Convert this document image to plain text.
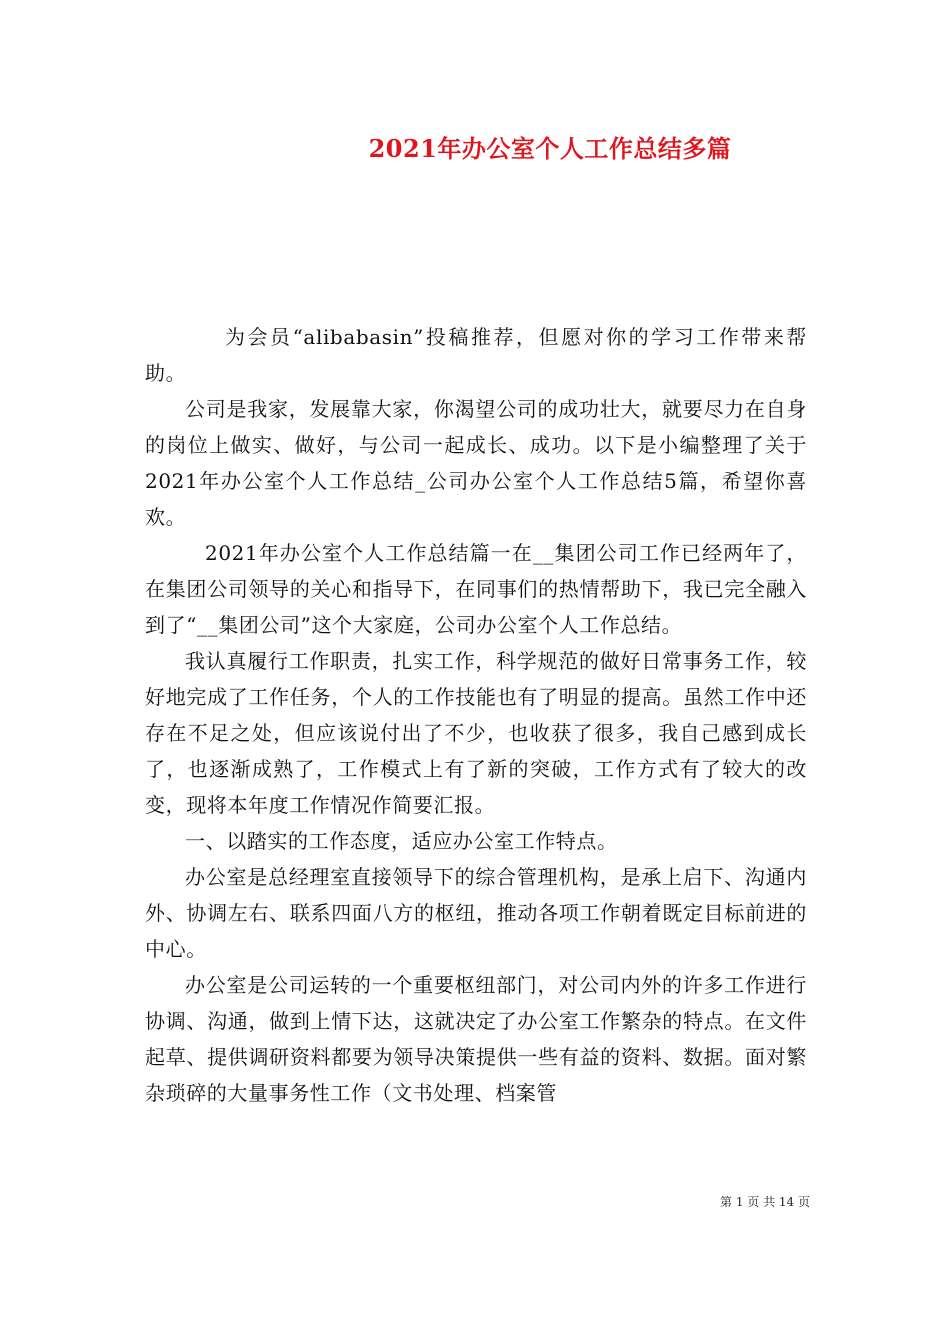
2021年办公室个人工作总结多篇

为会员“alibabasin”投稿推荐，但愿对你的学习工作带来帮助。

公司是我家，发展靠大家，你渴望公司的成功壮大，就要尽力在自身的岗位上做实、做好，与公司一起成长、成功。以下是小编整理了关于2021年办公室个人工作总结_公司办公室个人工作总结5篇，希望你喜欢。

2021年办公室个人工作总结篇一在__集团公司工作已经两年了，在集团公司领导的关心和指导下，在同事们的热情帮助下，我已完全融入到了“__集团公司”这个大家庭，公司办公室个人工作总结。

我认真履行工作职责，扎实工作，科学规范的做好日常事务工作，较好地完成了工作任务，个人的工作技能也有了明显的提高。虽然工作中还存在不足之处，但应该说付出了不少，也收获了很多，我自己感到成长了，也逐渐成熟了，工作模式上有了新的突破，工作方式有了较大的改变，现将本年度工作情况作简要汇报。

一、以踏实的工作态度，适应办公室工作特点。

办公室是总经理室直接领导下的综合管理机构，是承上启下、沟通内外、协调左右、联系四面八方的枢纽，推动各项工作朝着既定目标前进的中心。

办公室是公司运转的一个重要枢纽部门，对公司内外的许多工作进行协调、沟通，做到上情下达，这就决定了办公室工作繁杂的特点。在文件起草、提供调研资料都要为领导决策提供一些有益的资料、数据。面对繁杂琐碎的大量事务性工作（文书处理、档案管

第 1 页 共 14 页
